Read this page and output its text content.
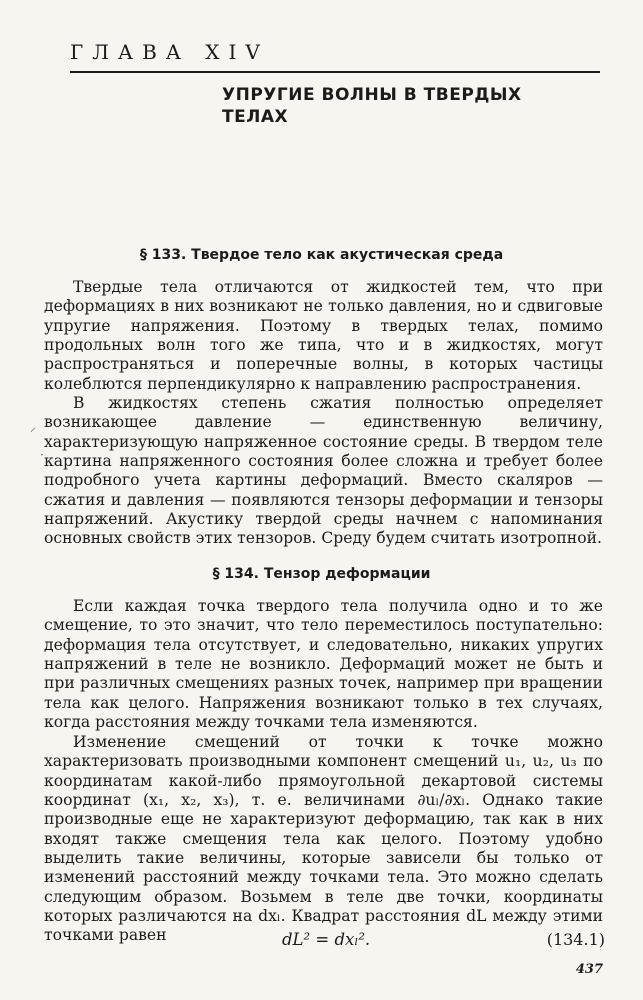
ГЛАВА XIV
УПРУГИЕ ВОЛНЫ В ТВЕРДЫХ ТЕЛАХ
§ 133. Твердое тело как акустическая среда

Твердые тела отличаются от жидкостей тем, что при деформациях в них возникают не только давления, но и сдвиговые упругие напряжения. Поэтому в твердых телах, помимо продольных волн того же типа, что и в жидкостях, могут распространяться и поперечные волны, в которых частицы колеблются перпендикулярно к направлению распространения.

В жидкостях степень сжатия полностью определяет возникающее давление — единственную величину, характеризующую напряженное состояние среды. В твердом теле картина напряженного состояния более сложна и требует более подробного учета картины деформаций. Вместо скаляров — сжатия и давления — появляются тензоры деформации и тензоры напряжений. Акустику твердой среды начнем с напоминания основных свойств этих тензоров. Среду будем считать изотропной.

§ 134. Тензор деформации

Если каждая точка твердого тела получила одно и то же смещение, то это значит, что тело переместилось поступательно: деформация тела отсутствует, и следовательно, никаких упругих напряжений в теле не возникло. Деформаций может не быть и при различных смещениях разных точек, например при вращении тела как целого. Напряжения возникают только в тех случаях, когда расстояния между точками тела изменяются.

Изменение смещений от точки к точке можно характеризовать производными компонент смещений u₁, u₂, u₃ по координатам какой-либо прямоугольной декартовой системы координат (x₁, x₂, x₃), т. е. величинами ∂uₗ/∂xₗ. Однако такие производные еще не характеризуют деформацию, так как в них входят также смещения тела как целого. Поэтому удобно выделить такие величины, которые зависели бы только от изменений расстояний между точками тела. Это можно сделать следующим образом. Возьмем в теле две точки, координаты которых различаются на dxₗ. Квадрат расстояния dL между этими точками равен	dL² = dxₗ².	(134.1)
437
⸝
·
